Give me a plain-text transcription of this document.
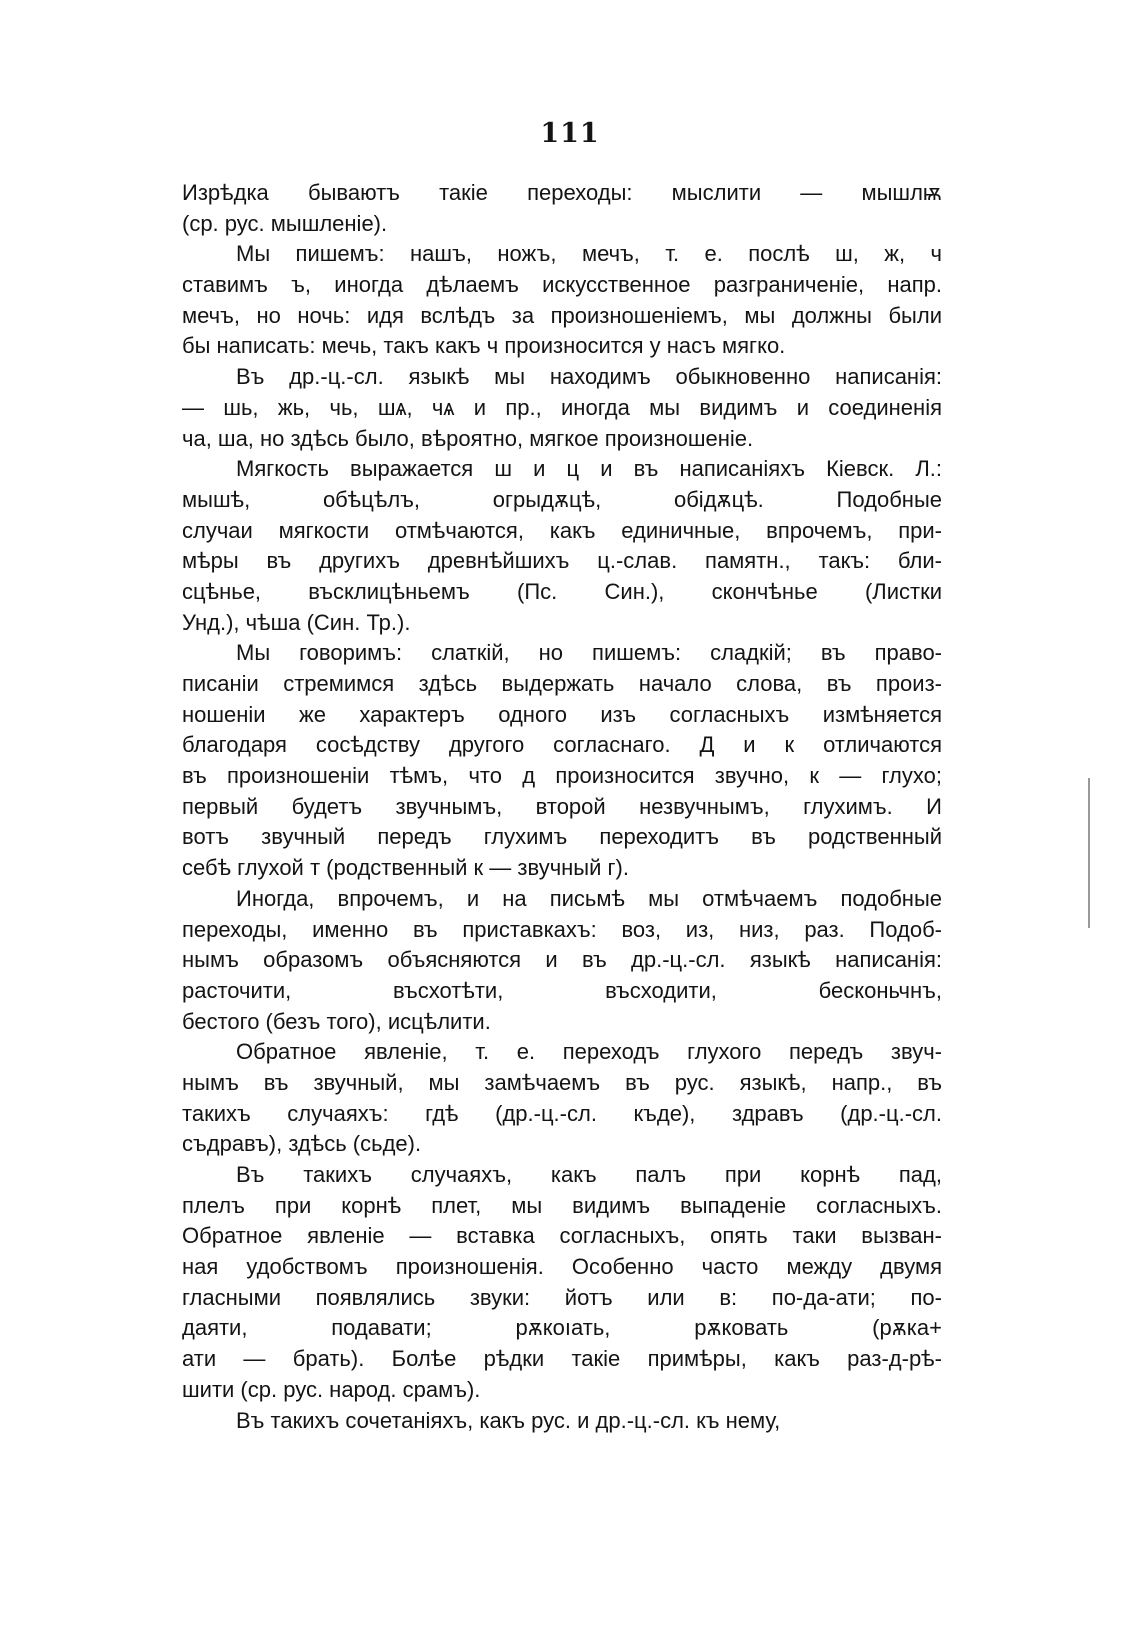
111
Изрѣдка бываютъ такіе переходы: мыслити — мышлѭ
(ср. рус. мышленіе).
Мы пишемъ: нашъ, ножъ, мечъ, т. е. послѣ ш, ж, ч
ставимъ ъ, иногда дѣлаемъ искусственное разграниченіе, напр.
мечъ, но ночь: идя вслѣдъ за произношеніемъ, мы должны были
бы написать: мечь, такъ какъ ч произносится у насъ мягко.
Въ др.-ц.-сл. языкѣ мы находимъ обыкновенно написанія:
— шь, жь, чь, шѧ, чѧ и пр., иногда мы видимъ и соединенія
ча, ша, но здѣсь было, вѣроятно, мягкое произношеніе.
Мягкость выражается ш и ц и въ написаніяхъ Кіевск. Л.:
мышѣ, обѣцѣлъ, огрыдѫцѣ, обідѫцѣ. Подобные
случаи мягкости отмѣчаются, какъ единичные, впрочемъ, при-
мѣры въ другихъ древнѣйшихъ ц.-слав. памятн., такъ: бли-
сцѣнье, въсклицѣньемъ (Пс. Син.), скончѣнье (Листки
Унд.), чѣша (Син. Тр.).
Мы говоримъ: слаткій, но пишемъ: сладкій; въ право-
писаніи стремимся здѣсь выдержать начало слова, въ произ-
ношеніи же характеръ одного изъ согласныхъ измѣняется
благодаря сосѣдству другого согласнаго. Д и к отличаются
въ произношеніи тѣмъ, что д произносится звучно, к — глухо;
первый будетъ звучнымъ, второй незвучнымъ, глухимъ. И
вотъ звучный передъ глухимъ переходитъ въ родственный
себѣ глухой т (родственный к — звучный г).
Иногда, впрочемъ, и на письмѣ мы отмѣчаемъ подобные
переходы, именно въ приставкахъ: воз, из, низ, раз. Подоб-
нымъ образомъ объясняются и въ др.-ц.-сл. языкѣ написанія:
расточити, въсхотѣти, въсходити, бесконьчнъ,
бестого (безъ того), исцѣлити.
Обратное явленіе, т. е. переходъ глухого передъ звуч-
нымъ въ звучный, мы замѣчаемъ въ рус. языкѣ, напр., въ
такихъ случаяхъ: гдѣ (др.-ц.-сл. къде), здравъ (др.-ц.-сл.
съдравъ), здѣсь (сьде).
Въ такихъ случаяхъ, какъ палъ при корнѣ пад,
плелъ при корнѣ плет, мы видимъ выпаденіе согласныхъ.
Обратное явленіе — вставка согласныхъ, опять таки вызван-
ная удобствомъ произношенія. Особенно часто между двумя
гласными появлялись звуки: йотъ или в: по-да-ати; по-
даяти, подавати; рѫкоıать, рѫковать (рѫка+
ати — брать). Болѣе рѣдки такіе примѣры, какъ раз-д-рѣ-
шити (ср. рус. народ. срамъ).
Въ такихъ сочетаніяхъ, какъ рус. и др.-ц.-сл. къ нему,
